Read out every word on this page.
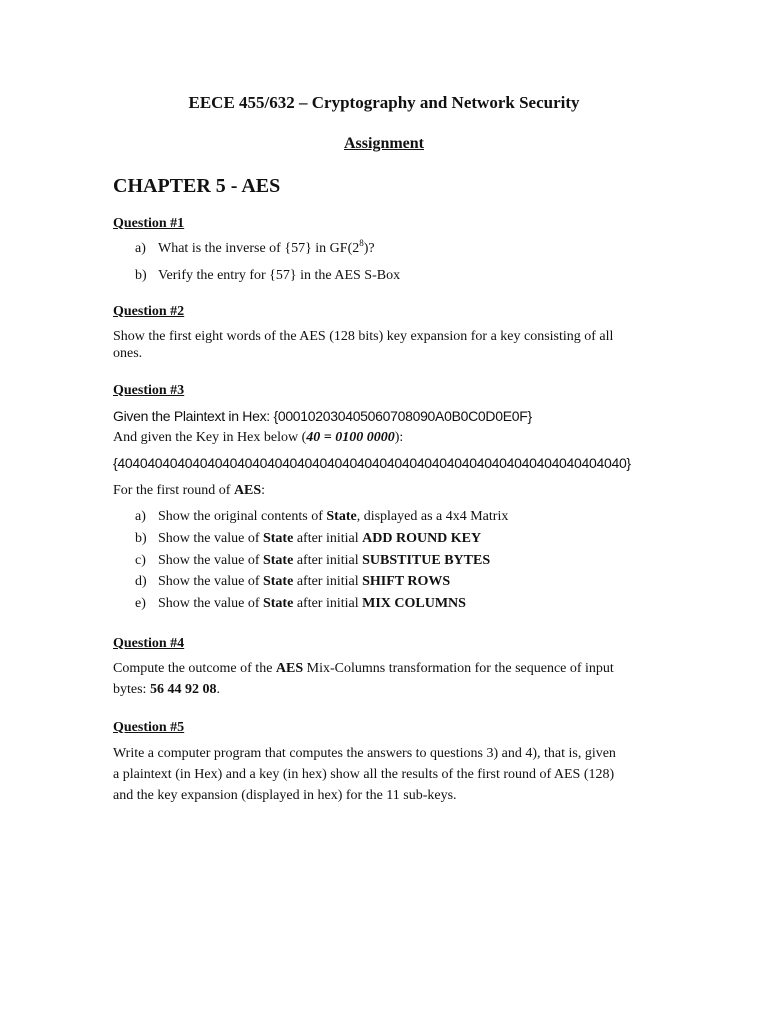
EECE 455/632 – Cryptography and Network Security
Assignment
CHAPTER 5 - AES
Question #1
a) What is the inverse of {57} in $GF(2^8)$?
b) Verify the entry for {57} in the AES S-Box
Question #2
Show the first eight words of the AES (128 bits) key expansion for a key consisting of all
ones.
Question #3
Given the Plaintext in Hex: {000102030405060708090A0B0C0D0E0F}
And given the Key in Hex below (40 = 0100 0000):
{40404040404040404040404040404040404040404040404040404040404040404040}
For the first round of AES:
a) Show the original contents of State, displayed as a 4x4 Matrix
b) Show the value of State after initial ADD ROUND KEY
c) Show the value of State after initial SUBSTITUE BYTES
d) Show the value of State after initial SHIFT ROWS
e) Show the value of State after initial MIX COLUMNS
Question #4
Compute the outcome of the AES Mix-Columns transformation for the sequence of input
bytes: 56 44 92 08.
Question #5
Write a computer program that computes the answers to questions 3) and 4), that is, given
a plaintext (in Hex) and a key (in hex) show all the results of the first round of AES (128)
and the key expansion (displayed in hex) for the 11 sub-keys.
